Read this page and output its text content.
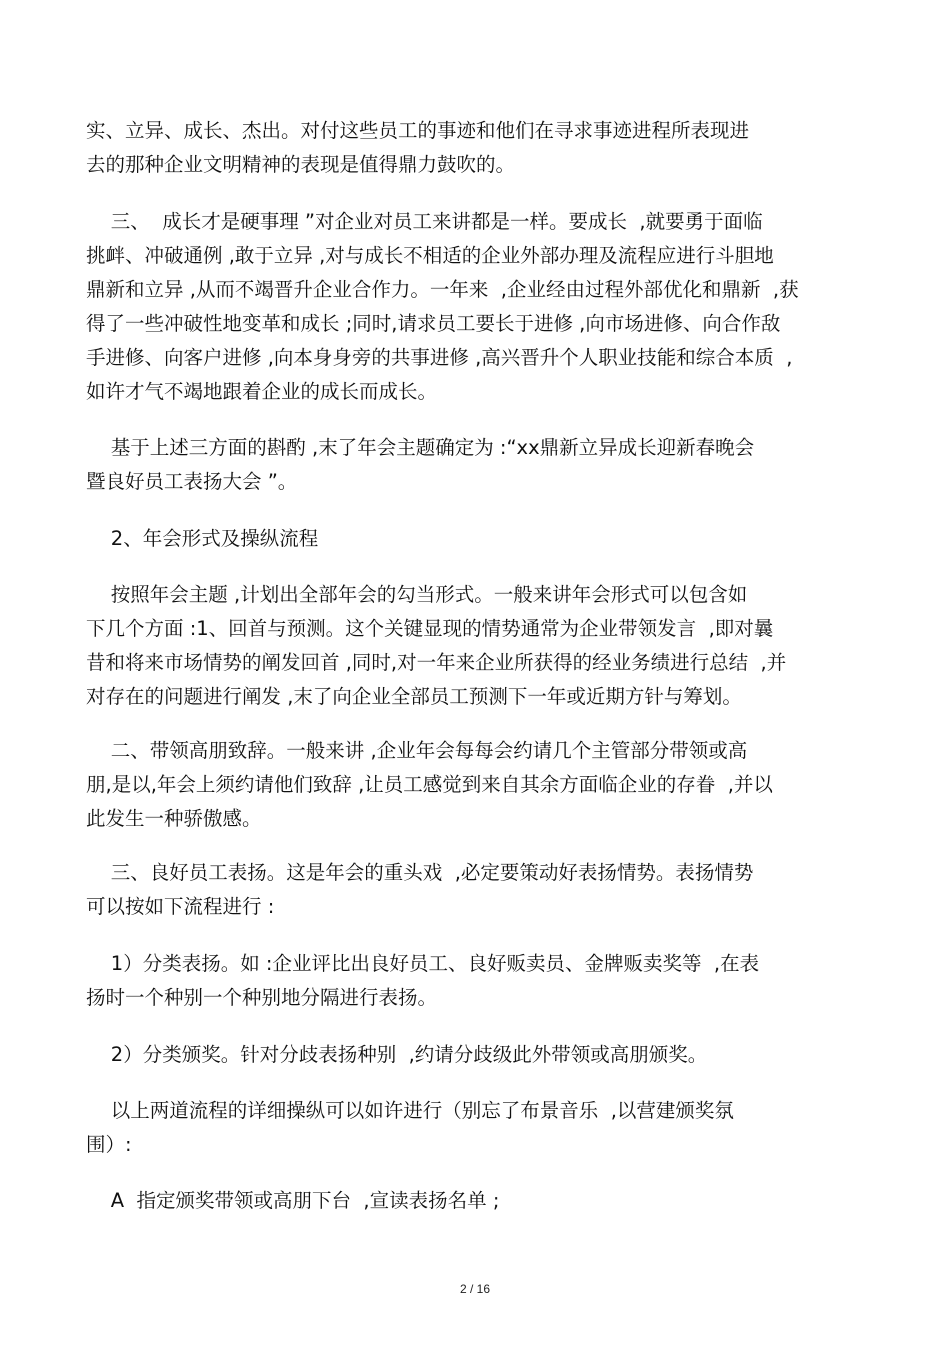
实、立异、成长、杰出。对付这些员工的事迹和他们在寻求事迹进程所表现进
去的那种企业文明精神的表现是值得鼎力鼓吹的。
三、  成长才是硬事理 ”对企业对员工来讲都是一样。要成长  ,就要勇于面临
挑衅、冲破通例 ,敢于立异 ,对与成长不相适的企业外部办理及流程应进行斗胆地
鼎新和立异 ,从而不竭晋升企业合作力。一年来  ,企业经由过程外部优化和鼎新  ,获
得了一些冲破性地变革和成长 ;同时,请求员工要长于进修 ,向市场进修、向合作敌
手进修、向客户进修 ,向本身身旁的共事进修 ,高兴晋升个人职业技能和综合本质  ,
如许才气不竭地跟着企业的成长而成长。
基于上述三方面的斟酌 ,末了年会主题确定为 :“xx鼎新立异成长迎新春晚会
暨良好员工表扬大会 ”。
2、年会形式及操纵流程
按照年会主题 ,计划出全部年会的勾当形式。一般来讲年会形式可以包含如
下几个方面 :1、回首与预测。这个关键显现的情势通常为企业带领发言  ,即对曩
昔和将来市场情势的阐发回首 ,同时,对一年来企业所获得的经业务绩进行总结  ,并
对存在的问题进行阐发 ,末了向企业全部员工预测下一年或近期方针与筹划。
二、带领高朋致辞。一般来讲 ,企业年会每每会约请几个主管部分带领或高
朋,是以,年会上须约请他们致辞 ,让员工感觉到来自其余方面临企业的存眷  ,并以
此发生一种骄傲感。
三、良好员工表扬。这是年会的重头戏  ,必定要策动好表扬情势。表扬情势
可以按如下流程进行 :
1）分类表扬。如 :企业评比出良好员工、良好贩卖员、金牌贩卖奖等  ,在表
扬时一个种别一个种别地分隔进行表扬。
2）分类颁奖。针对分歧表扬种别  ,约请分歧级此外带领或高朋颁奖。
以上两道流程的详细操纵可以如许进行（别忘了布景音乐  ,以营建颁奖氛
围）:
A  指定颁奖带领或高朋下台  ,宣读表扬名单 ;
2 / 16
